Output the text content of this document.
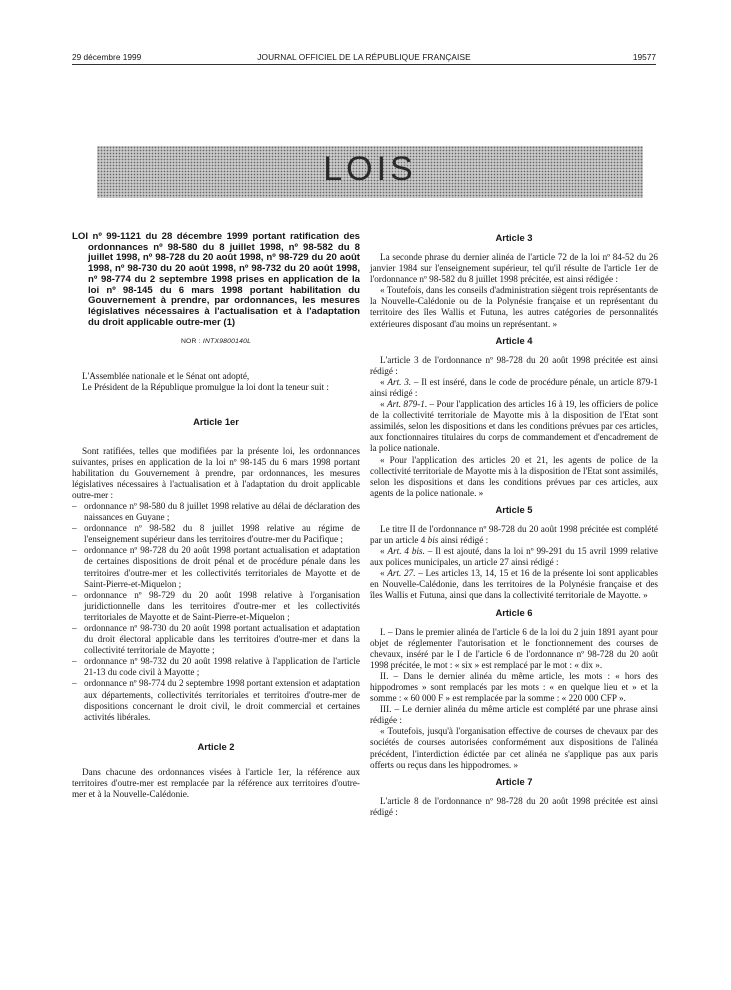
29 décembre 1999	JOURNAL OFFICIEL DE LA RÉPUBLIQUE FRANÇAISE	19577
LOIS

LOI nº 99-1121 du 28 décembre 1999 portant ratification des ordonnances nº 98-580 du 8 juillet 1998, nº 98-582 du 8 juillet 1998, nº 98-728 du 20 août 1998, nº 98-729 du 20 août 1998, nº 98-730 du 20 août 1998, nº 98-732 du 20 août 1998, nº 98-774 du 2 septembre 1998 prises en application de la loi nº 98-145 du 6 mars 1998 portant habilitation du Gouvernement à prendre, par ordonnances, les mesures législatives nécessaires à l'actualisation et à l'adaptation du droit applicable outre-mer (1)

NOR : INTX9800140L

L'Assemblée nationale et le Sénat ont adopté,

Le Président de la République promulgue la loi dont la teneur suit :

Article 1er

Sont ratifiées, telles que modifiées par la présente loi, les ordonnances suivantes, prises en application de la loi nº 98-145 du 6 mars 1998 portant habilitation du Gouvernement à prendre, par ordonnances, les mesures législatives nécessaires à l'actualisation et à l'adaptation du droit applicable outre-mer :

– ordonnance nº 98-580 du 8 juillet 1998 relative au délai de déclaration des naissances en Guyane ;
– ordonnance nº 98-582 du 8 juillet 1998 relative au régime de l'enseignement supérieur dans les territoires d'outre-mer du Pacifique ;
– ordonnance nº 98-728 du 20 août 1998 portant actualisation et adaptation de certaines dispositions de droit pénal et de procédure pénale dans les territoires d'outre-mer et les collectivités territoriales de Mayotte et de Saint-Pierre-et-Miquelon ;
– ordonnance nº 98-729 du 20 août 1998 relative à l'organisation juridictionnelle dans les territoires d'outre-mer et les collectivités territoriales de Mayotte et de Saint-Pierre-et-Miquelon ;
– ordonnance nº 98-730 du 20 août 1998 portant actualisation et adaptation du droit électoral applicable dans les territoires d'outre-mer et dans la collectivité territoriale de Mayotte ;
– ordonnance nº 98-732 du 20 août 1998 relative à l'application de l'article 21-13 du code civil à Mayotte ;
– ordonnance nº 98-774 du 2 septembre 1998 portant extension et adaptation aux départements, collectivités territoriales et territoires d'outre-mer de dispositions concernant le droit civil, le droit commercial et certaines activités libérales.
Article 2

Dans chacune des ordonnances visées à l'article 1er, la référence aux territoires d'outre-mer est remplacée par la référence aux territoires d'outre-mer et à la Nouvelle-Calédonie.

Article 3

La seconde phrase du dernier alinéa de l'article 72 de la loi nº 84-52 du 26 janvier 1984 sur l'enseignement supérieur, tel qu'il résulte de l'article 1er de l'ordonnance nº 98-582 du 8 juillet 1998 précitée, est ainsi rédigée :

« Toutefois, dans les conseils d'administration siègent trois représentants de la Nouvelle-Calédonie ou de la Polynésie française et un représentant du territoire des îles Wallis et Futuna, les autres catégories de personnalités extérieures disposant d'au moins un représentant. »

Article 4

L'article 3 de l'ordonnance nº 98-728 du 20 août 1998 précitée est ainsi rédigé :

« Art. 3. – Il est inséré, dans le code de procédure pénale, un article 879-1 ainsi rédigé :

« Art. 879-1. – Pour l'application des articles 16 à 19, les officiers de police de la collectivité territoriale de Mayotte mis à la disposition de l'Etat sont assimilés, selon les dispositions et dans les conditions prévues par ces articles, aux fonctionnaires titulaires du corps de commandement et d'encadrement de la police nationale.

« Pour l'application des articles 20 et 21, les agents de police de la collectivité territoriale de Mayotte mis à la disposition de l'Etat sont assimilés, selon les dispositions et dans les conditions prévues par ces articles, aux agents de la police nationale. »

Article 5

Le titre II de l'ordonnance nº 98-728 du 20 août 1998 précitée est complété par un article 4 bis ainsi rédigé :

« Art. 4 bis. – Il est ajouté, dans la loi nº 99-291 du 15 avril 1999 relative aux polices municipales, un article 27 ainsi rédigé :

« Art. 27. – Les articles 13, 14, 15 et 16 de la présente loi sont applicables en Nouvelle-Calédonie, dans les territoires de la Polynésie française et des îles Wallis et Futuna, ainsi que dans la collectivité territoriale de Mayotte. »

Article 6

I. – Dans le premier alinéa de l'article 6 de la loi du 2 juin 1891 ayant pour objet de réglementer l'autorisation et le fonctionnement des courses de chevaux, inséré par le I de l'article 6 de l'ordonnance nº 98-728 du 20 août 1998 précitée, le mot : « six » est remplacé par le mot : « dix ».

II. – Dans le dernier alinéa du même article, les mots : « hors des hippodromes » sont remplacés par les mots : « en quelque lieu et » et la somme : « 60 000 F » est remplacée par la somme : « 220 000 CFP ».

III. – Le dernier alinéa du même article est complété par une phrase ainsi rédigée :

« Toutefois, jusqu'à l'organisation effective de courses de chevaux par des sociétés de courses autorisées conformément aux dispositions de l'alinéa précédent, l'interdiction édictée par cet alinéa ne s'applique pas aux paris offerts ou reçus dans les hippodromes. »

Article 7

L'article 8 de l'ordonnance nº 98-728 du 20 août 1998 précitée est ainsi rédigé :
